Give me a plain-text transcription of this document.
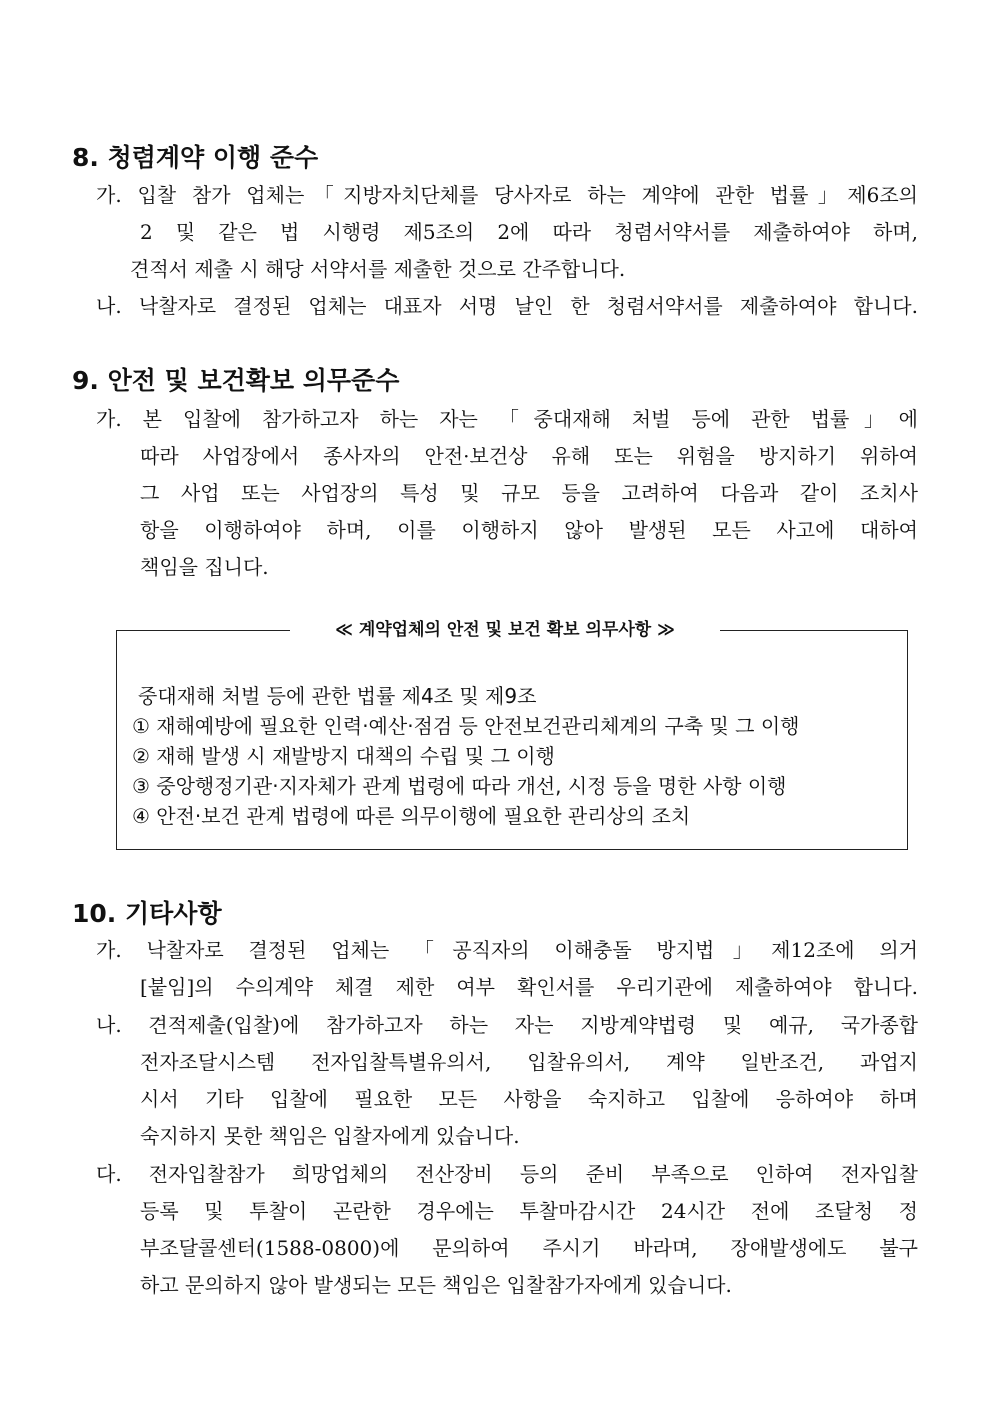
8. 청렴계약 이행 준수
가. 입찰 참가 업체는「지방자치단체를 당사자로 하는 계약에 관한 법률」제6조의
2 및 같은 법 시행령 제5조의 2에 따라 청렴서약서를 제출하여야 하며,
견적서 제출 시 해당 서약서를 제출한 것으로 간주합니다.
나. 낙찰자로 결정된 업체는 대표자 서명 날인 한 청렴서약서를 제출하여야 합니다.
9. 안전 및 보건확보 의무준수
가. 본 입찰에 참가하고자 하는 자는 「중대재해 처벌 등에 관한 법률」에
따라 사업장에서 종사자의 안전·보건상 유해 또는 위험을 방지하기 위하여
그 사업 또는 사업장의 특성 및 규모 등을 고려하여 다음과 같이 조치사
항을 이행하여야 하며, 이를 이행하지 않아 발생된 모든 사고에 대하여
책임을 집니다.
≪ 계약업체의 안전 및 보건 확보 의무사항 ≫
중대재해 처벌 등에 관한 법률 제4조 및 제9조
① 재해예방에 필요한 인력·예산·점검 등 안전보건관리체계의 구축 및 그 이행
② 재해 발생 시 재발방지 대책의 수립 및 그 이행
③ 중앙행정기관·지자체가 관계 법령에 따라 개선, 시정 등을 명한 사항 이행
④ 안전·보건 관계 법령에 따른 의무이행에 필요한 관리상의 조치
10. 기타사항
가. 낙찰자로 결정된 업체는 「공직자의 이해충돌 방지법」제12조에 의거
[붙임]의 수의계약 체결 제한 여부 확인서를 우리기관에 제출하여야 합니다.
나. 견적제출(입찰)에 참가하고자 하는 자는 지방계약법령 및 예규, 국가종합
전자조달시스템 전자입찰특별유의서, 입찰유의서, 계약 일반조건, 과업지
시서 기타 입찰에 필요한 모든 사항을 숙지하고 입찰에 응하여야 하며
숙지하지 못한 책임은 입찰자에게 있습니다.
다. 전자입찰참가 희망업체의 전산장비 등의 준비 부족으로 인하여 전자입찰
등록 및 투찰이 곤란한 경우에는 투찰마감시간 24시간 전에 조달청 정
부조달콜센터(1588-0800)에 문의하여 주시기 바라며, 장애발생에도 불구
하고 문의하지 않아 발생되는 모든 책임은 입찰참가자에게 있습니다.
